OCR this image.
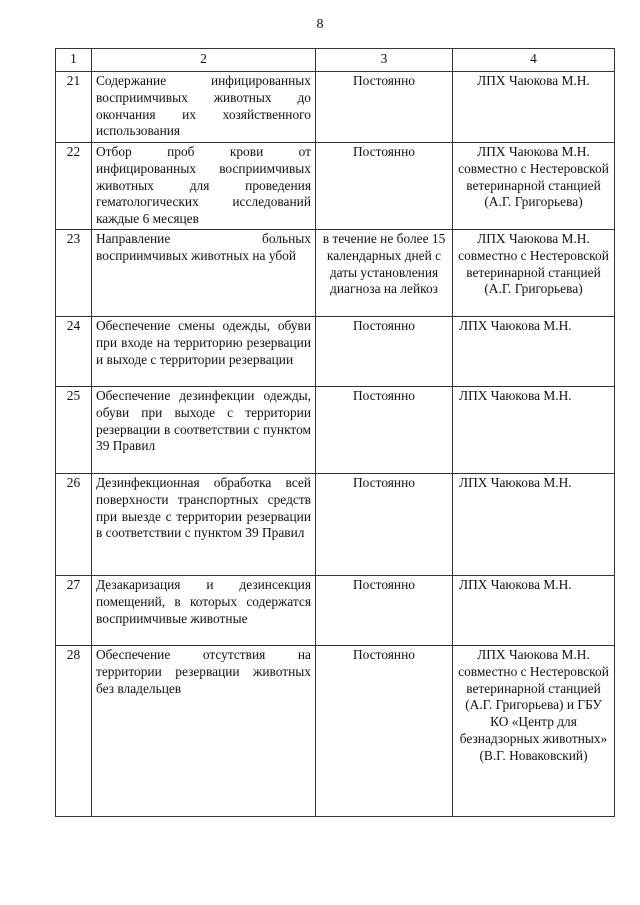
8
1	2	3	4
21	Содержание инфицированных восприимчивых животных до окончания их хозяйственного использования	Постоянно	ЛПХ Чаюкова М.Н.
22	Отбор проб крови от инфицированных восприимчивых животных для проведения гематологических исследований каждые 6 месяцев	Постоянно	ЛПХ Чаюкова М.Н. совместно с Нестеровской ветеринарной станцией (А.Г. Григорьева)
23	Направление больных восприимчивых животных на убой	в течение не более 15 календарных дней с даты установления диагноза на лейкоз	ЛПХ Чаюкова М.Н. совместно с Нестеровской ветеринарной станцией (А.Г. Григорьева)
24	Обеспечение смены одежды, обуви при входе на территорию резервации и выходе с территории резервации	Постоянно	ЛПХ Чаюкова М.Н.
25	Обеспечение дезинфекции одежды, обуви при выходе с территории резервации в соответствии с пунктом 39 Правил	Постоянно	ЛПХ Чаюкова М.Н.
26	Дезинфекционная обработка всей поверхности транспортных средств при выезде с территории резервации в соответствии с пунктом 39 Правил	Постоянно	ЛПХ Чаюкова М.Н.
27	Дезакаризация и дезинсекция помещений, в которых содержатся восприимчивые животные	Постоянно	ЛПХ Чаюкова М.Н.
28	Обеспечение отсутствия на территории резервации животных без владельцев	Постоянно	ЛПХ Чаюкова М.Н. совместно с Нестеровской ветеринарной станцией (А.Г. Григорьева) и ГБУ КО «Центр для безнадзорных животных» (В.Г. Новаковский)
